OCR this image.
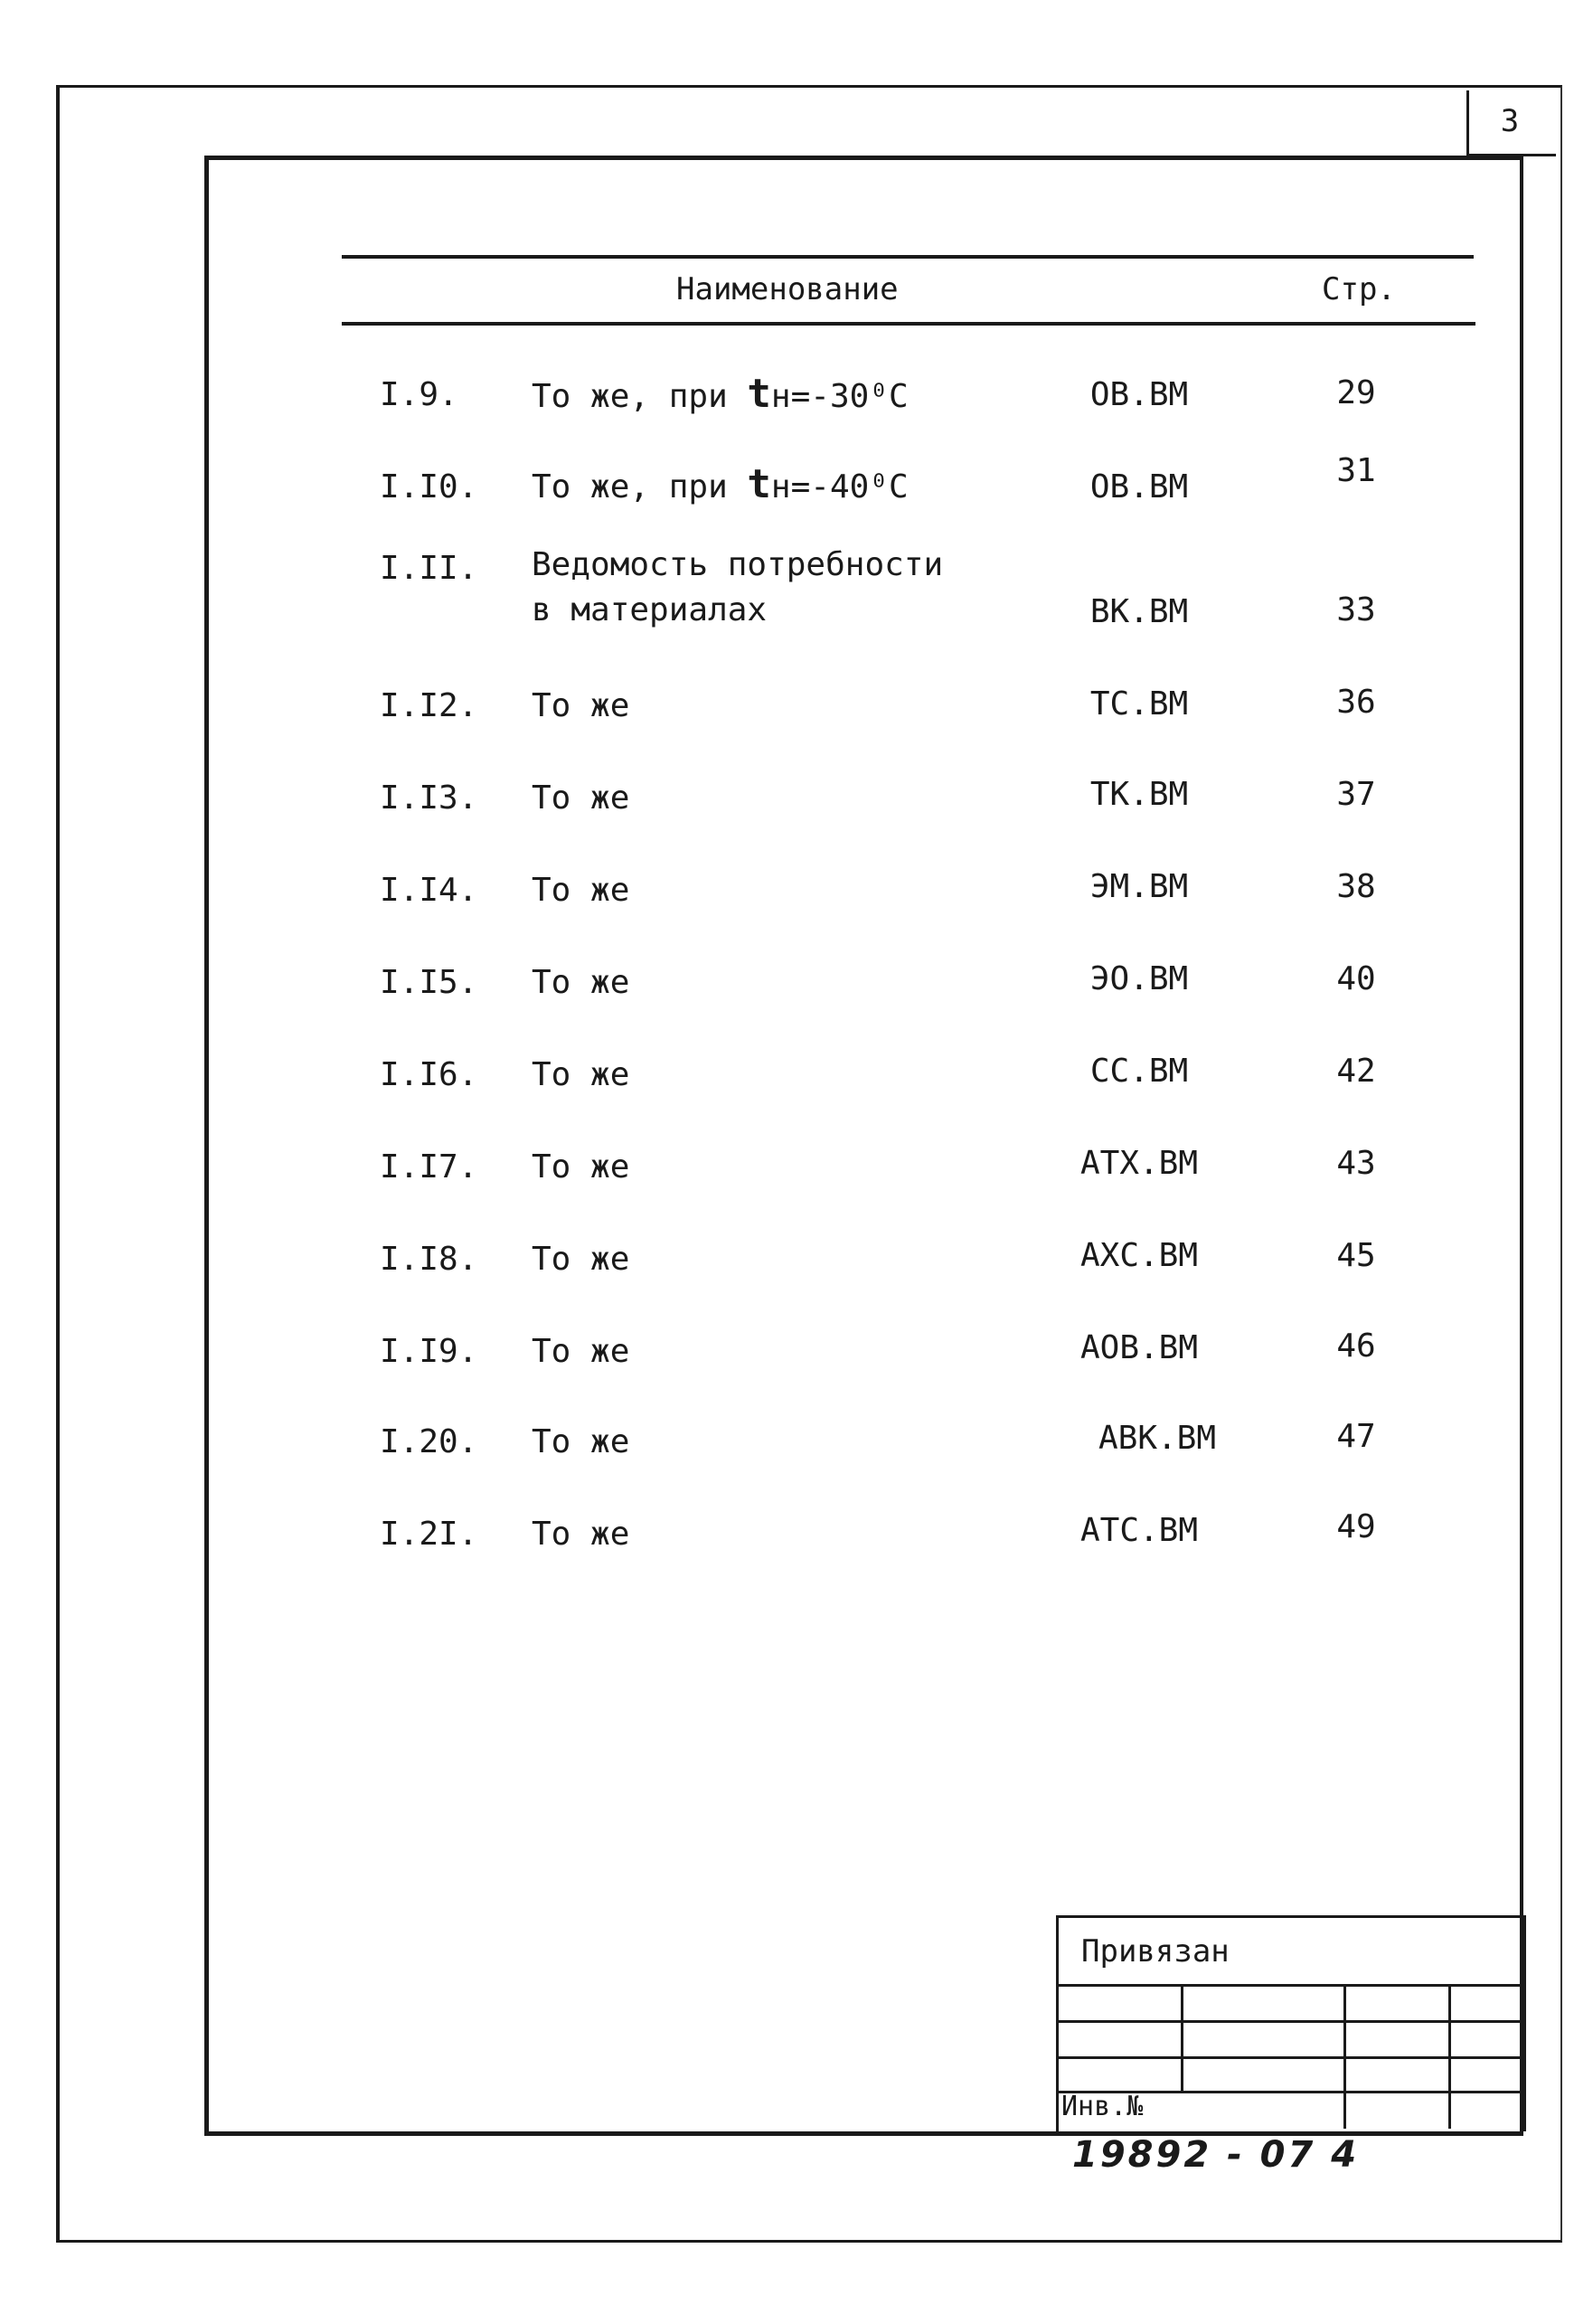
3
Наименование	Стр.
I.9. То же, при tн=-30⁰C	ОВ.ВМ	29
I.I0. То же, при tн=-40⁰C	ОВ.ВМ	31
I.II. Ведомость потребности
в материалах	ВК.ВМ	33
I.I2. То же	ТС.ВМ	36
I.I3. То же	ТК.ВМ	37
I.I4. То же	ЭМ.ВМ	38
I.I5. То же	ЭО.ВМ	40
I.I6. То же	СС.ВМ	42
I.I7. То же	АТХ.ВМ	43
I.I8. То же	АХС.ВМ	45
I.I9. То же	АОВ.ВМ	46
I.20. То же	АВК.ВМ	47
I.2I. То же	АТС.ВМ	49
Привязан
Инв.№
19892 - 07 4
